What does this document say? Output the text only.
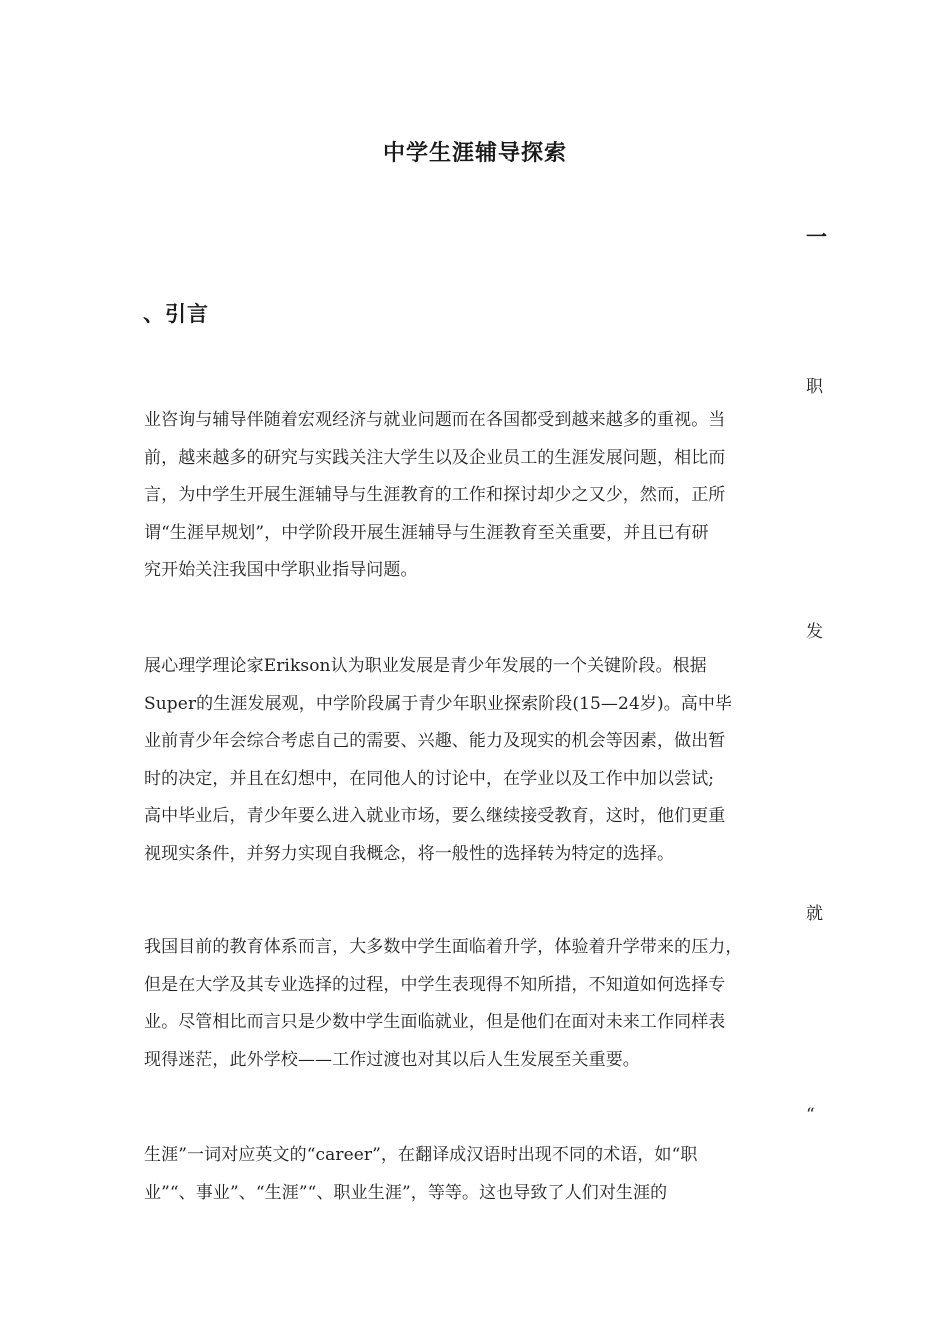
中学生涯辅导探索
一
、引言
职
业咨询与辅导伴随着宏观经济与就业问题而在各国都受到越来越多的重视。当
前，越来越多的研究与实践关注大学生以及企业员工的生涯发展问题，相比而
言，为中学生开展生涯辅导与生涯教育的工作和探讨却少之又少，然而，正所
谓“生涯早规划”，中学阶段开展生涯辅导与生涯教育至关重要，并且已有研
究开始关注我国中学职业指导问题。
发
展心理学理论家Erikson认为职业发展是青少年发展的一个关键阶段。根据
Super的生涯发展观，中学阶段属于青少年职业探索阶段(15—24岁)。高中毕
业前青少年会综合考虑自己的需要、兴趣、能力及现实的机会等因素，做出暂
时的决定，并且在幻想中，在同他人的讨论中，在学业以及工作中加以尝试;
高中毕业后，青少年要么进入就业市场，要么继续接受教育，这时，他们更重
视现实条件，并努力实现自我概念，将一般性的选择转为特定的选择。
就
我国目前的教育体系而言，大多数中学生面临着升学，体验着升学带来的压力，
但是在大学及其专业选择的过程，中学生表现得不知所措，不知道如何选择专
业。尽管相比而言只是少数中学生面临就业，但是他们在面对未来工作同样表
现得迷茫，此外学校——工作过渡也对其以后人生发展至关重要。
“
生涯”一词对应英文的“career”，在翻译成汉语时出现不同的术语，如“职
业”“、事业”、“生涯”“、职业生涯”，等等。这也导致了人们对生涯的
